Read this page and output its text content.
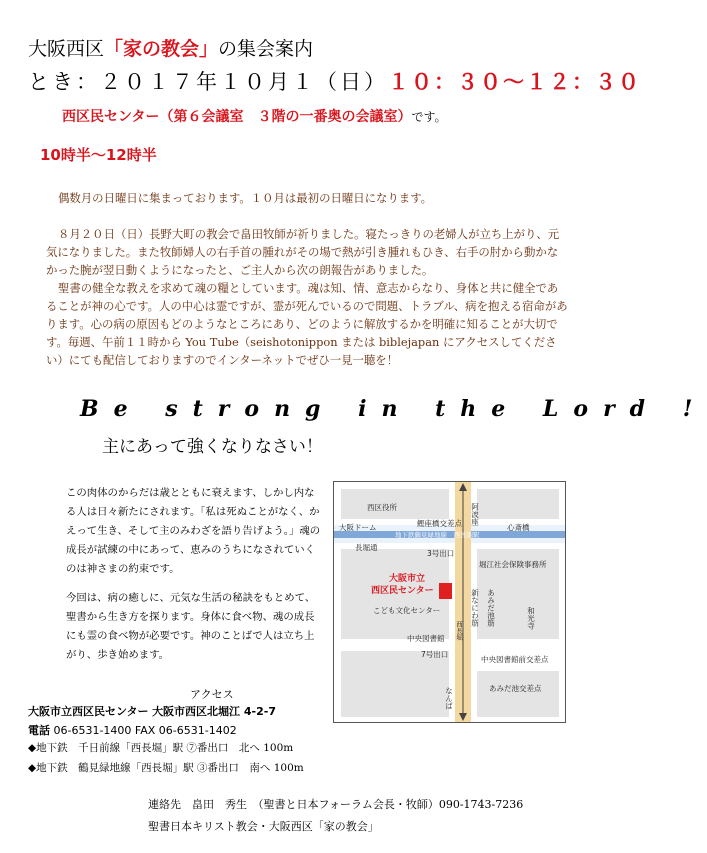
大阪西区「家の教会」の集会案内
とき：２０１７年１０月１（日）１０：３０～１２：３０
西区民センター（第６会議室　３階の一番奥の会議室）です。
10時半～12時半
偶数月の日曜日に集まっております。１０月は最初の日曜日になります。
８月２０日（日）長野大町の教会で畠田牧師が祈りました。寝たっきりの老婦人が立ち上がり、元気になりました。また牧師婦人の右手首の腫れがその場で熱が引き腫れもひき、右手の肘から動かなかった腕が翌日動くようになったと、ご主人から次の朗報告がありました。
聖書の健全な教えを求めて魂の糧としています。魂は知、情、意志からなり、身体と共に健全であることが神の心です。人の中心は霊ですが、霊が死んでいるので問題、トラブル、病を抱える宿命があります。心の病の原因もどのようなところにあり、どのように解放するかを明確に知ることが大切です。毎週、午前１１時から You Tube（seishotonippon または biblejapan にアクセスしてください）にても配信しておりますのでインターネットでぜひ一見一聴を！
Be strong in the Lord !
主にあって強くなりなさい！
この肉体のからだは歳とともに衰えます、しかし内なる人は日々新たにされます。「私は死ぬことがなく、かえって生き、そして主のみわざを語り告げよう。」魂の成長が試練の中にあって、恵みのうちになされていくのは神さまの約束です。
今回は、病の癒しに、元気な生活の秘訣をもとめて、聖書から生き方を探ります。身体に食べ物、魂の成長にも霊の食べ物が必要です。神のことばで人は立ち上がり、歩き始めます。
阿波座
西区役所
大阪ドーム	鰹座橋交差点	心斎橋
地下鉄鶴見緑地線　西長堀駅
長堀通
3号出口
堀江社会保険事務所
大阪市立
西区民センター
こども文化センター	あみだ池筋
新なにわ筋	和光寺
中央図書館
7号出口
中央図書館前交差点
あみだ池交差点
なんば
西長堀
アクセス
大阪市立西区民センター 大阪市西区北堀江 4-2-7
電話 06-6531-1400 FAX 06-6531-1402
◆地下鉄　千日前線「西長堀」駅 ⑦番出口　北へ 100m
◆地下鉄　鶴見緑地線「西長堀」駅 ③番出口　南へ 100m
連絡先　畠田　秀生　（聖書と日本フォーラム会長・牧師）090-1743-7236
聖書日本キリスト教会・大阪西区「家の教会」
